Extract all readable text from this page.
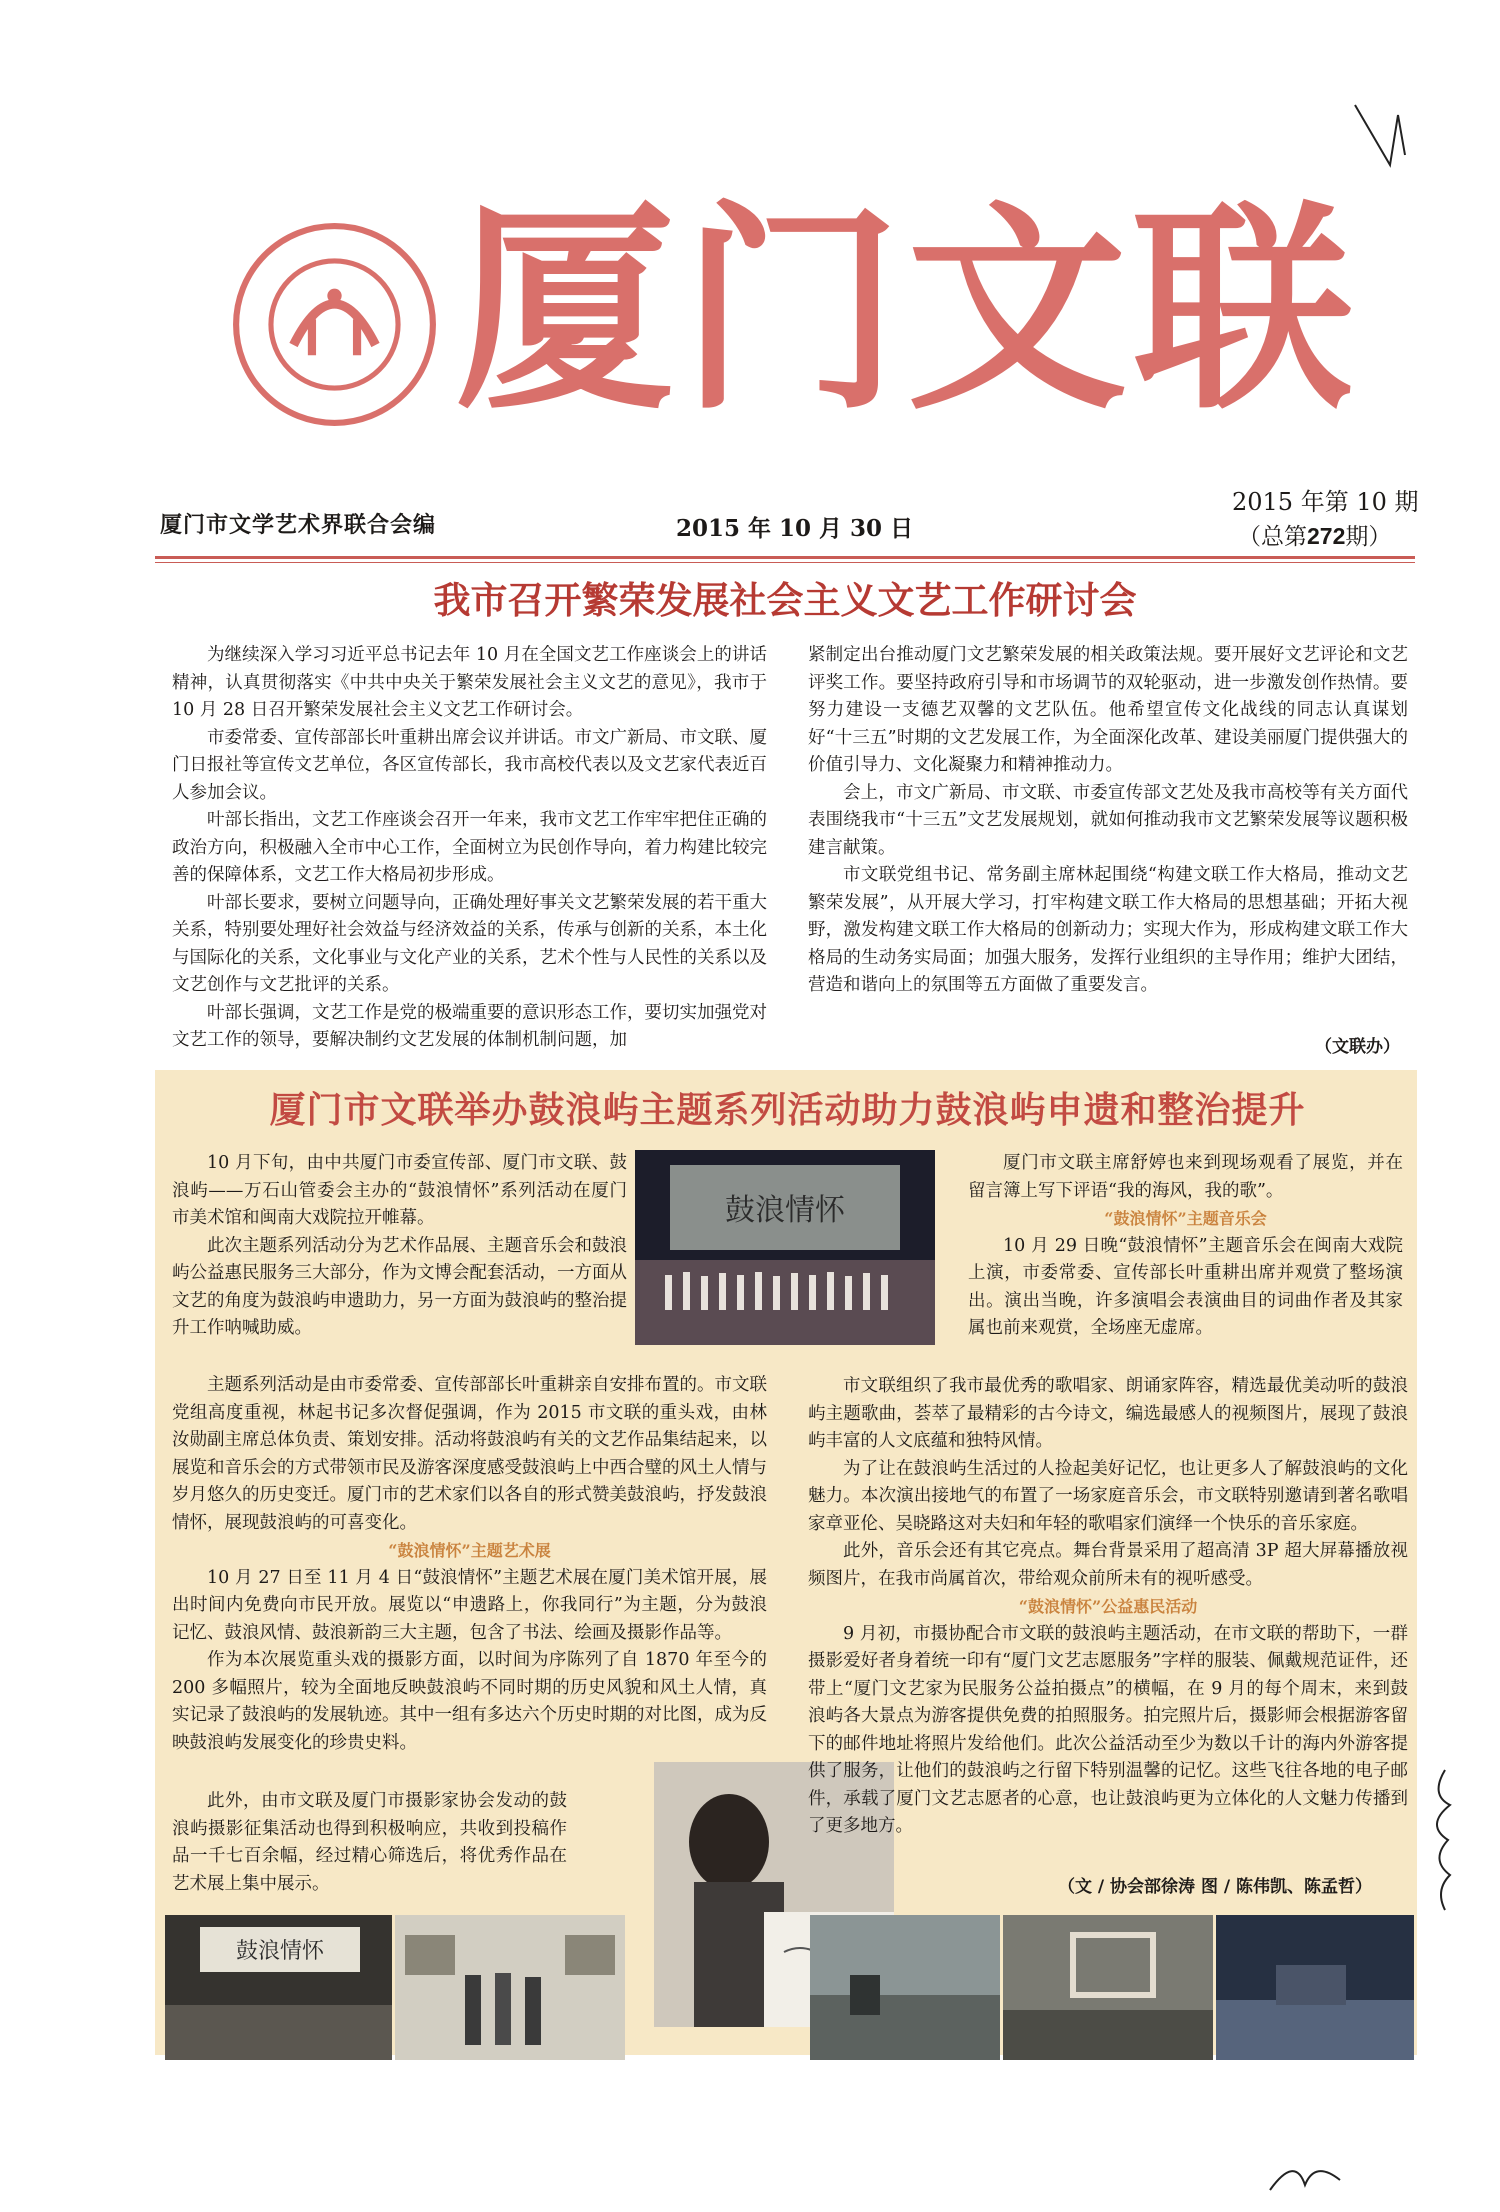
厦门文联
厦门市文学艺术界联合会编	2015 年 10 月 30 日
2015 年第 10 期
（总第272期）
我市召开繁荣发展社会主义文艺工作研讨会

为继续深入学习习近平总书记去年 10 月在全国文艺工作座谈会上的讲话精神，认真贯彻落实《中共中央关于繁荣发展社会主义文艺的意见》，我市于 10 月 28 日召开繁荣发展社会主义文艺工作研讨会。

市委常委、宣传部部长叶重耕出席会议并讲话。市文广新局、市文联、厦门日报社等宣传文艺单位，各区宣传部长，我市高校代表以及文艺家代表近百人参加会议。

叶部长指出，文艺工作座谈会召开一年来，我市文艺工作牢牢把住正确的政治方向，积极融入全市中心工作，全面树立为民创作导向，着力构建比较完善的保障体系，文艺工作大格局初步形成。

叶部长要求，要树立问题导向，正确处理好事关文艺繁荣发展的若干重大关系，特别要处理好社会效益与经济效益的关系，传承与创新的关系，本土化与国际化的关系，文化事业与文化产业的关系，艺术个性与人民性的关系以及文艺创作与文艺批评的关系。

叶部长强调，文艺工作是党的极端重要的意识形态工作，要切实加强党对文艺工作的领导，要解决制约文艺发展的体制机制问题，加

紧制定出台推动厦门文艺繁荣发展的相关政策法规。要开展好文艺评论和文艺评奖工作。要坚持政府引导和市场调节的双轮驱动，进一步激发创作热情。要努力建设一支德艺双馨的文艺队伍。他希望宣传文化战线的同志认真谋划好“十三五”时期的文艺发展工作，为全面深化改革、建设美丽厦门提供强大的价值引导力、文化凝聚力和精神推动力。

会上，市文广新局、市文联、市委宣传部文艺处及我市高校等有关方面代表围绕我市“十三五”文艺发展规划，就如何推动我市文艺繁荣发展等议题积极建言献策。

市文联党组书记、常务副主席林起围绕“构建文联工作大格局，推动文艺繁荣发展”，从开展大学习，打牢构建文联工作大格局的思想基础；开拓大视野，激发构建文联工作大格局的创新动力；实现大作为，形成构建文联工作大格局的生动务实局面；加强大服务，发挥行业组织的主导作用；维护大团结，营造和谐向上的氛围等五方面做了重要发言。

（文联办）
厦门市文联举办鼓浪屿主题系列活动助力鼓浪屿申遗和整治提升

10 月下旬，由中共厦门市委宣传部、厦门市文联、鼓浪屿——万石山管委会主办的“鼓浪情怀”系列活动在厦门市美术馆和闽南大戏院拉开帷幕。

此次主题系列活动分为艺术作品展、主题音乐会和鼓浪屿公益惠民服务三大部分，作为文博会配套活动，一方面从文艺的角度为鼓浪屿申遗助力，另一方面为鼓浪屿的整治提升工作呐喊助威。

鼓浪情怀

主题系列活动是由市委常委、宣传部部长叶重耕亲自安排布置的。市文联党组高度重视，林起书记多次督促强调，作为 2015 市文联的重头戏，由林汝勋副主席总体负责、策划安排。活动将鼓浪屿有关的文艺作品集结起来，以展览和音乐会的方式带领市民及游客深度感受鼓浪屿上中西合璧的风土人情与岁月悠久的历史变迁。厦门市的艺术家们以各自的形式赞美鼓浪屿，抒发鼓浪情怀，展现鼓浪屿的可喜变化。

“鼓浪情怀”主题艺术展

10 月 27 日至 11 月 4 日“鼓浪情怀”主题艺术展在厦门美术馆开展，展出时间内免费向市民开放。展览以“申遗路上，你我同行”为主题，分为鼓浪记忆、鼓浪风情、鼓浪新韵三大主题，包含了书法、绘画及摄影作品等。

作为本次展览重头戏的摄影方面，以时间为序陈列了自 1870 年至今的 200 多幅照片，较为全面地反映鼓浪屿不同时期的历史风貌和风土人情，真实记录了鼓浪屿的发展轨迹。其中一组有多达六个历史时期的对比图，成为反映鼓浪屿发展变化的珍贵史料。

此外，由市文联及厦门市摄影家协会发动的鼓浪屿摄影征集活动也得到积极响应，共收到投稿作品一千七百余幅，经过精心筛选后，将优秀作品在艺术展上集中展示。

厦门市文联主席舒婷也来到现场观看了展览，并在留言簿上写下评语“我的海风，我的歌”。

“鼓浪情怀”主题音乐会

10 月 29 日晚“鼓浪情怀”主题音乐会在闽南大戏院上演，市委常委、宣传部长叶重耕出席并观赏了整场演出。演出当晚，许多演唱会表演曲目的词曲作者及其家属也前来观赏，全场座无虚席。

市文联组织了我市最优秀的歌唱家、朗诵家阵容，精选最优美动听的鼓浪屿主题歌曲，荟萃了最精彩的古今诗文，编选最感人的视频图片，展现了鼓浪屿丰富的人文底蕴和独特风情。

为了让在鼓浪屿生活过的人捡起美好记忆，也让更多人了解鼓浪屿的文化魅力。本次演出接地气的布置了一场家庭音乐会，市文联特别邀请到著名歌唱家章亚伦、吴晓路这对夫妇和年轻的歌唱家们演绎一个快乐的音乐家庭。

此外，音乐会还有其它亮点。舞台背景采用了超高清 3P 超大屏幕播放视频图片，在我市尚属首次，带给观众前所未有的视听感受。

“鼓浪情怀”公益惠民活动

9 月初，市摄协配合市文联的鼓浪屿主题活动，在市文联的帮助下，一群摄影爱好者身着统一印有“厦门文艺志愿服务”字样的服装、佩戴规范证件，还带上“厦门文艺家为民服务公益拍摄点”的横幅，在 9 月的每个周末，来到鼓浪屿各大景点为游客提供免费的拍照服务。拍完照片后，摄影师会根据游客留下的邮件地址将照片发给他们。此次公益活动至少为数以千计的海内外游客提供了服务，让他们的鼓浪屿之行留下特别温馨的记忆。这些飞往各地的电子邮件，承载了厦门文艺志愿者的心意，也让鼓浪屿更为立体化的人文魅力传播到了更多地方。

（文 / 协会部徐涛 图 / 陈伟凯、陈孟哲）
鼓浪情怀
